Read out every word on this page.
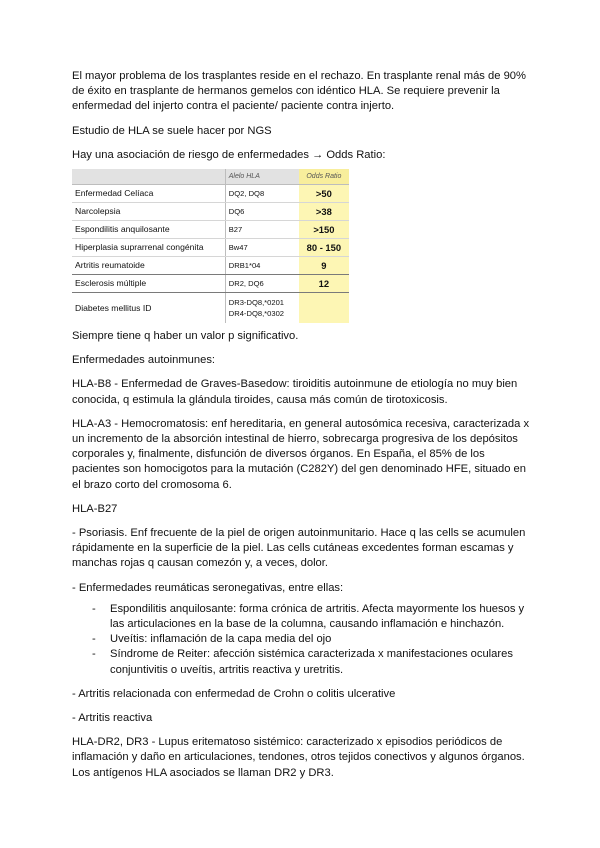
El mayor problema de los trasplantes reside en el rechazo. En trasplante renal más de 90% de éxito en trasplante de hermanos gemelos con idéntico HLA. Se requiere prevenir la enfermedad del injerto contra el paciente/ paciente contra injerto.

Estudio de HLA se suele hacer por NGS

Hay una asociación de riesgo de enfermedades → Odds Ratio:

	Alelo HLA	Odds Ratio
Enfermedad Celíaca	DQ2, DQ8	>50
Narcolepsia	DQ6	>38
Espondilitis anquilosante	B27	>150
Hiperplasia suprarrenal congénita	Bw47	80 - 150
Artritis reumatoide	DRB1*04	9
Esclerosis múltiple	DR2, DQ6	12
Diabetes mellitus ID	DR3-DQ8,*0201
DR4-DQ8,*0302	

Siempre tiene q haber un valor p significativo.

Enfermedades autoinmunes:

HLA-B8 - Enfermedad de Graves-Basedow: tiroiditis autoinmune de etiología no muy bien conocida, q estimula la glándula tiroides, causa más común de tirotoxicosis.

HLA-A3 - Hemocromatosis: enf hereditaria, en general autosómica recesiva, caracterizada x un incremento de la absorción intestinal de hierro, sobrecarga progresiva de los depósitos corporales y, finalmente, disfunción de diversos órganos. En España, el 85% de los pacientes son homocigotos para la mutación (C282Y) del gen denominado HFE, situado en el brazo corto del cromosoma 6.

HLA-B27

- Psoriasis. Enf frecuente de la piel de origen autoinmunitario. Hace q las cells se acumulen rápidamente en la superficie de la piel. Las cells cutáneas excedentes forman escamas y manchas rojas q causan comezón y, a veces, dolor.

- Enfermedades reumáticas seronegativas, entre ellas:

- Espondilitis anquilosante: forma crónica de artritis. Afecta mayormente los huesos y las articulaciones en la base de la columna, causando inflamación e hinchazón.
- Uveítis: inflamación de la capa media del ojo
- Síndrome de Reiter: afección sistémica caracterizada x manifestaciones oculares conjuntivitis o uveítis, artritis reactiva y uretritis.

- Artritis relacionada con enfermedad de Crohn o colitis ulcerative

- Artritis reactiva

HLA-DR2, DR3 - Lupus eritematoso sistémico: caracterizado x episodios periódicos de inflamación y daño en articulaciones, tendones, otros tejidos conectivos y algunos órganos. Los antígenos HLA asociados se llaman DR2 y DR3.
